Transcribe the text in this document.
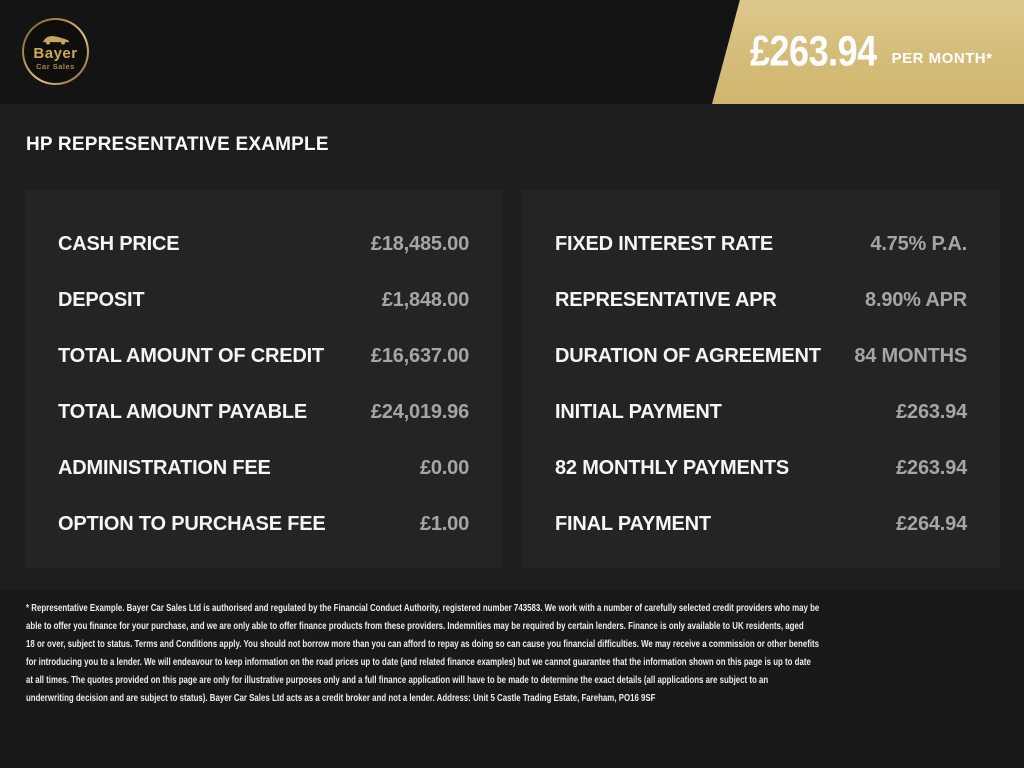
£263.94 PER MONTH*
Bayer
Car Sales
HP REPRESENTATIVE EXAMPLE
CASH PRICE	£18,485.00
DEPOSIT	£1,848.00
TOTAL AMOUNT OF CREDIT £16,637.00
TOTAL AMOUNT PAYABLE	£24,019.96
ADMINISTRATION FEE	£0.00
OPTION TO PURCHASE FEE	£1.00
FIXED INTEREST RATE	4.75% P.A.
REPRESENTATIVE APR	8.90% APR
DURATION OF AGREEMENT 84 MONTHS
INITIAL PAYMENT	£263.94
82 MONTHLY PAYMENTS	£263.94
FINAL PAYMENT	£264.94
* Representative Example. Bayer Car Sales Ltd is authorised and regulated by the Financial Conduct Authority, registered number 743583. We work with a number of carefully selected credit providers who may be
able to offer you finance for your purchase, and we are only able to offer finance products from these providers. Indemnities may be required by certain lenders. Finance is only available to UK residents, aged
18 or over, subject to status. Terms and Conditions apply. You should not borrow more than you can afford to repay as doing so can cause you financial difficulties. We may receive a commission or other benefits
for introducing you to a lender. We will endeavour to keep information on the road prices up to date (and related finance examples) but we cannot guarantee that the information shown on this page is up to date
at all times. The quotes provided on this page are only for illustrative purposes only and a full finance application will have to be made to determine the exact details (all applications are subject to an
underwriting decision and are subject to status). Bayer Car Sales Ltd acts as a credit broker and not a lender. Address: Unit 5 Castle Trading Estate, Fareham, PO16 9SF
